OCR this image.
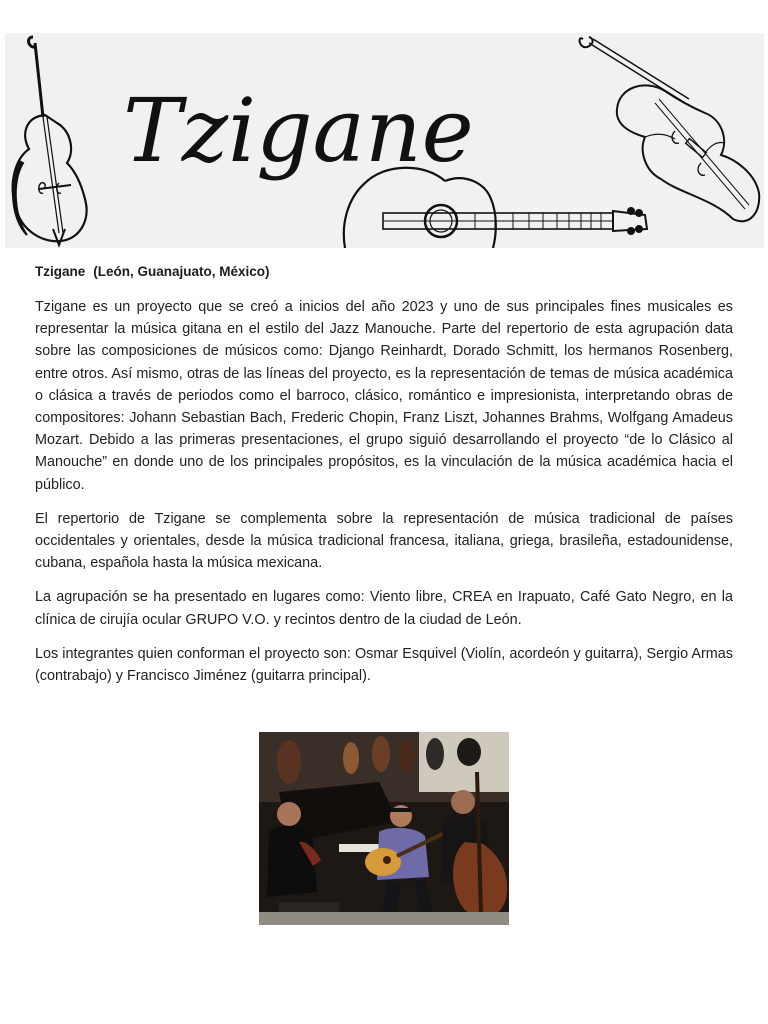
Tzigane
Tzigane (León, Guanajuato, México)

Tzigane es un proyecto que se creó a inicios del año 2023 y uno de sus principales fines musicales es representar la música gitana en el estilo del Jazz Manouche. Parte del repertorio de esta agrupación data sobre las composiciones de músicos como: Django Reinhardt, Dorado Schmitt, los hermanos Rosenberg, entre otros. Así mismo, otras de las líneas del proyecto, es la representación de temas de música académica o clásica a través de periodos como el barroco, clásico, romántico e impresionista, interpretando obras de compositores: Johann Sebastian Bach, Frederic Chopin, Franz Liszt, Johannes Brahms, Wolfgang Amadeus Mozart. Debido a las primeras presentaciones, el grupo siguió desarrollando el proyecto “de lo Clásico al Manouche” en donde uno de los principales propósitos, es la vinculación de la música académica hacia el público.

El repertorio de Tzigane se complementa sobre la representación de música tradicional de países occidentales y orientales, desde la música tradicional francesa, italiana, griega, brasileña, estadounidense, cubana, española hasta la música mexicana.

La agrupación se ha presentado en lugares como: Viento libre, CREA en Irapuato, Café Gato Negro, en la clínica de cirujía ocular GRUPO V.O. y recintos dentro de la ciudad de León.

Los integrantes quien conforman el proyecto son: Osmar Esquivel (Violín, acordeón y guitarra), Sergio Armas (contrabajo) y Francisco Jiménez (guitarra principal).
